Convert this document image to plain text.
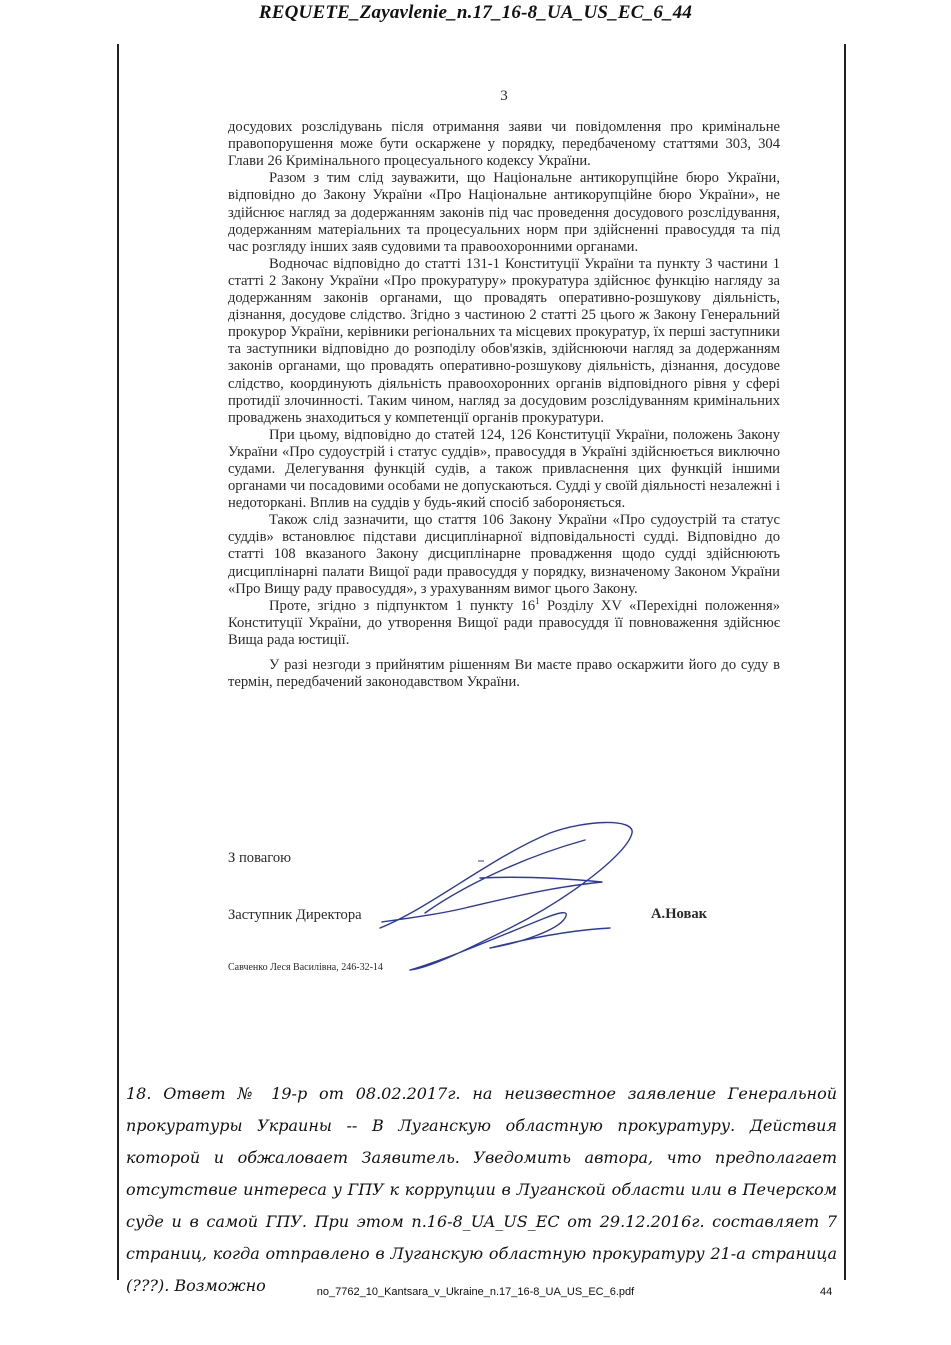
REQUETE_Zayavlenie_n.17_16-8_UA_US_EC_6_44
3

досудових розслідувань після отримання заяви чи повідомлення про кримінальне правопорушення може бути оскаржене у порядку, передбаченому статтями 303, 304 Глави 26 Кримінального процесуального кодексу України.

Разом з тим слід зауважити, що Національне антикорупційне бюро України, відповідно до Закону України «Про Національне антикорупційне бюро України», не здійснює нагляд за додержанням законів під час проведення досудового розслідування, додержанням матеріальних та процесуальних норм при здійсненні правосуддя та під час розгляду інших заяв судовими та правоохоронними органами.

Водночас відповідно до статті 131-1 Конституції України та пункту 3 частини 1 статті 2 Закону України «Про прокуратуру» прокуратура здійснює функцію нагляду за додержанням законів органами, що провадять оперативно-розшукову діяльність, дізнання, досудове слідство. Згідно з частиною 2 статті 25 цього ж Закону Генеральний прокурор України, керівники регіональних та місцевих прокуратур, їх перші заступники та заступники відповідно до розподілу обов'язків, здійснюючи нагляд за додержанням законів органами, що провадять оперативно-розшукову діяльність, дізнання, досудове слідство, координують діяльність правоохоронних органів відповідного рівня у сфері протидії злочинності. Таким чином, нагляд за досудовим розслідуванням кримінальних проваджень знаходиться у компетенції органів прокуратури.

При цьому, відповідно до статей 124, 126 Конституції України, положень Закону України «Про судоустрій і статус суддів», правосуддя в Україні здійснюється виключно судами. Делегування функцій судів, а також привласнення цих функцій іншими органами чи посадовими особами не допускаються. Судді у своїй діяльності незалежні і недоторкані. Вплив на суддів у будь-який спосіб забороняється.

Також слід зазначити, що стаття 106 Закону України «Про судоустрій та статус суддів» встановлює підстави дисциплінарної відповідальності судді. Відповідно до статті 108 вказаного Закону дисциплінарне провадження щодо судді здійснюють дисциплінарні палати Вищої ради правосуддя у порядку, визначеному Законом України «Про Вищу раду правосуддя», з урахуванням вимог цього Закону.

Проте, згідно з підпунктом 1 пункту $16^1$ Розділу XV «Перехідні положення» Конституції України, до утворення Вищої ради правосуддя її повноваження здійснює Вища рада юстиції.

У разі незгоди з прийнятим рішенням Ви маєте право оскаржити його до суду в термін, передбачений законодавством України.

З повагою
Заступник Директора	А.Новак
Савченко Леся Василівна, 246-32-14
18. Ответ № 19-р от 08.02.2017г. на неизвестное заявление Генеральной прокуратуры Украины -- В Луганскую областную прокуратуру. Действия которой и обжаловает Заявитель. Уведомить автора, что предполагает отсутствие интереса у ГПУ к коррупции в Луганской области или в Печерском суде и в самой ГПУ. При этом п.16-8_UA_US_EC от 29.12.2016г. составляет 7 страниц, когда отправлено в Луганскую областную прокуратуру 21-а страница (???). Возможно	no_7762_10_Kantsara_v_Ukraine_n.17_16-8_UA_US_EC_6.pdf	44
